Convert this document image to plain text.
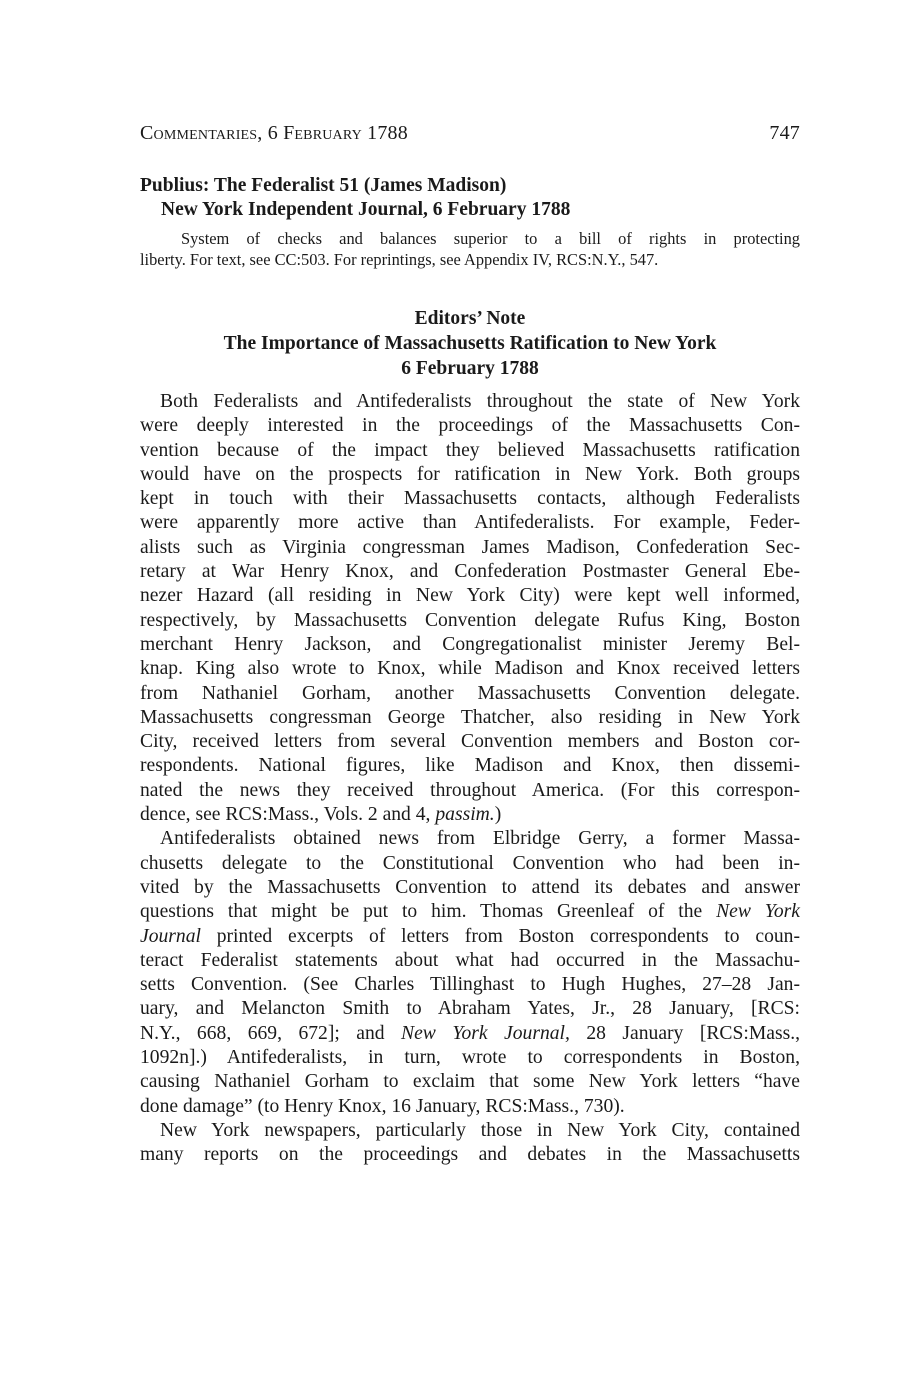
Commentaries, 6 February 1788	747
Publius: The Federalist 51 (James Madison)
New York Independent Journal, 6 February 1788
System of checks and balances superior to a bill of rights in protecting
liberty. For text, see CC:503. For reprintings, see Appendix IV, RCS:N.Y., 547.
Editors’ Note
The Importance of Massachusetts Ratification to New York
6 February 1788

Both Federalists and Antifederalists throughout the state of New York
were deeply interested in the proceedings of the Massachusetts Con-
vention because of the impact they believed Massachusetts ratification
would have on the prospects for ratification in New York. Both groups
kept in touch with their Massachusetts contacts, although Federalists
were apparently more active than Antifederalists. For example, Feder-
alists such as Virginia congressman James Madison, Confederation Sec-
retary at War Henry Knox, and Confederation Postmaster General Ebe-
nezer Hazard (all residing in New York City) were kept well informed,
respectively, by Massachusetts Convention delegate Rufus King, Boston
merchant Henry Jackson, and Congregationalist minister Jeremy Bel-
knap. King also wrote to Knox, while Madison and Knox received letters
from Nathaniel Gorham, another Massachusetts Convention delegate.
Massachusetts congressman George Thatcher, also residing in New York
City, received letters from several Convention members and Boston cor-
respondents. National figures, like Madison and Knox, then dissemi-
nated the news they received throughout America. (For this correspon-
dence, see RCS:Mass., Vols. 2 and 4, passim.)

Antifederalists obtained news from Elbridge Gerry, a former Massa-
chusetts delegate to the Constitutional Convention who had been in-
vited by the Massachusetts Convention to attend its debates and answer
questions that might be put to him. Thomas Greenleaf of the New York
Journal printed excerpts of letters from Boston correspondents to coun-
teract Federalist statements about what had occurred in the Massachu-
setts Convention. (See Charles Tillinghast to Hugh Hughes, 27–28 Jan-
uary, and Melancton Smith to Abraham Yates, Jr., 28 January, [RCS:
N.Y., 668, 669, 672]; and New York Journal, 28 January [RCS:Mass.,
1092n].) Antifederalists, in turn, wrote to correspondents in Boston,
causing Nathaniel Gorham to exclaim that some New York letters “have
done damage” (to Henry Knox, 16 January, RCS:Mass., 730).

New York newspapers, particularly those in New York City, contained
many reports on the proceedings and debates in the Massachusetts
